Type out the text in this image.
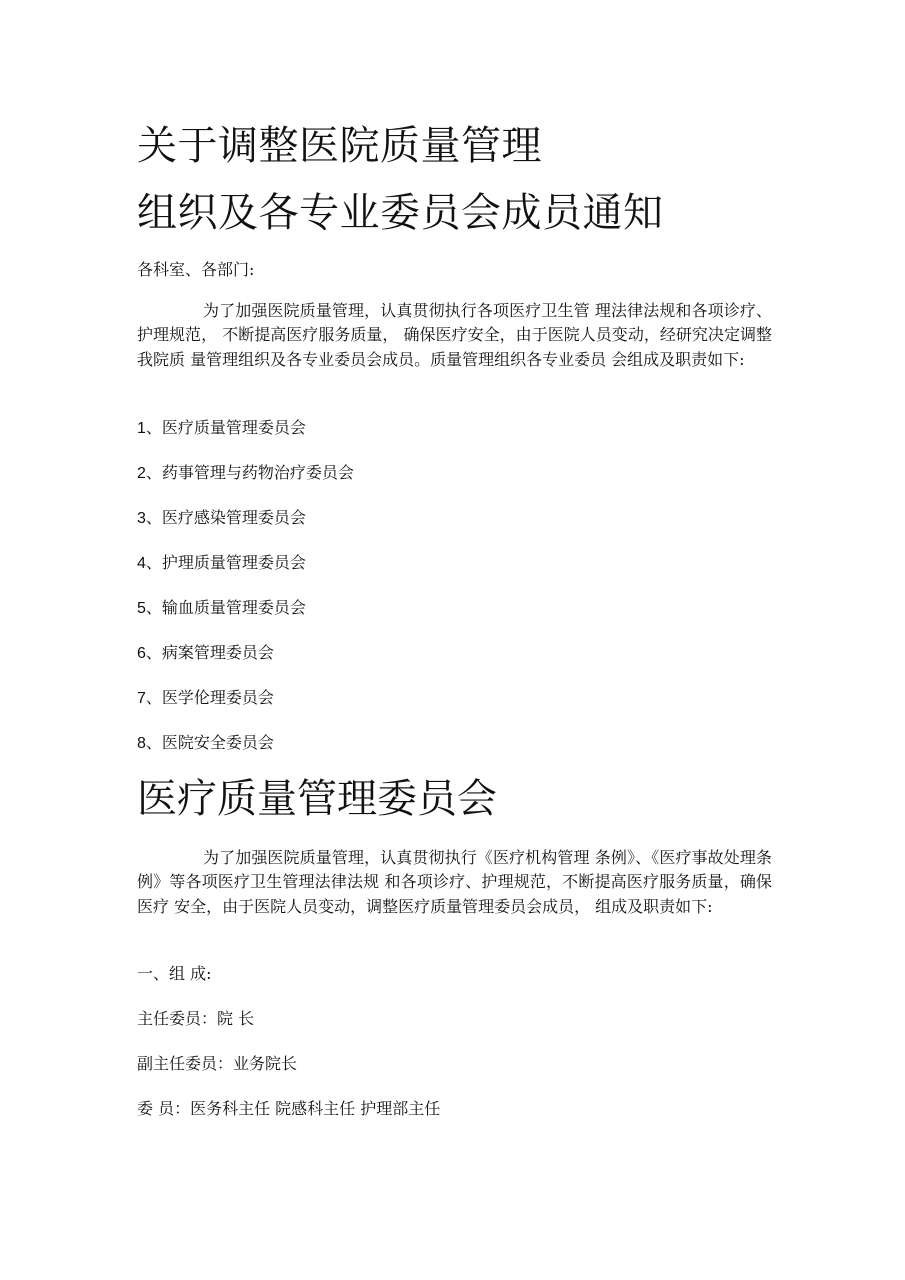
关于调整医院质量管理
组织及各专业委员会成员通知
各科室、各部门:
为了加强医院质量管理，认真贯彻执行各项医疗卫生管 理法律法规和各项诊疗、 护理规范， 不断提高医疗服务质量， 确保医疗安全，由于医院人员变动，经研究决定调整我院质 量管理组织及各专业委员会成员。质量管理组织各专业委员 会组成及职责如下:
1、医疗质量管理委员会
2、药事管理与药物治疗委员会
3、医疗感染管理委员会
4、护理质量管理委员会
5、输血质量管理委员会
6、病案管理委员会
7、医学伦理委员会
8、医院安全委员会
医疗质量管理委员会
为了加强医院质量管理，认真贯彻执行《医疗机构管理 条例》、《医疗事故处理条例》等各项医疗卫生管理法律法规 和各项诊疗、护理规范，不断提高医疗服务质量，确保医疗 安全，由于医院人员变动，调整医疗质量管理委员会成员， 组成及职责如下:
一、组 成:
主任委员：院 长
副主任委员：业务院长
委 员：医务科主任 院感科主任 护理部主任
